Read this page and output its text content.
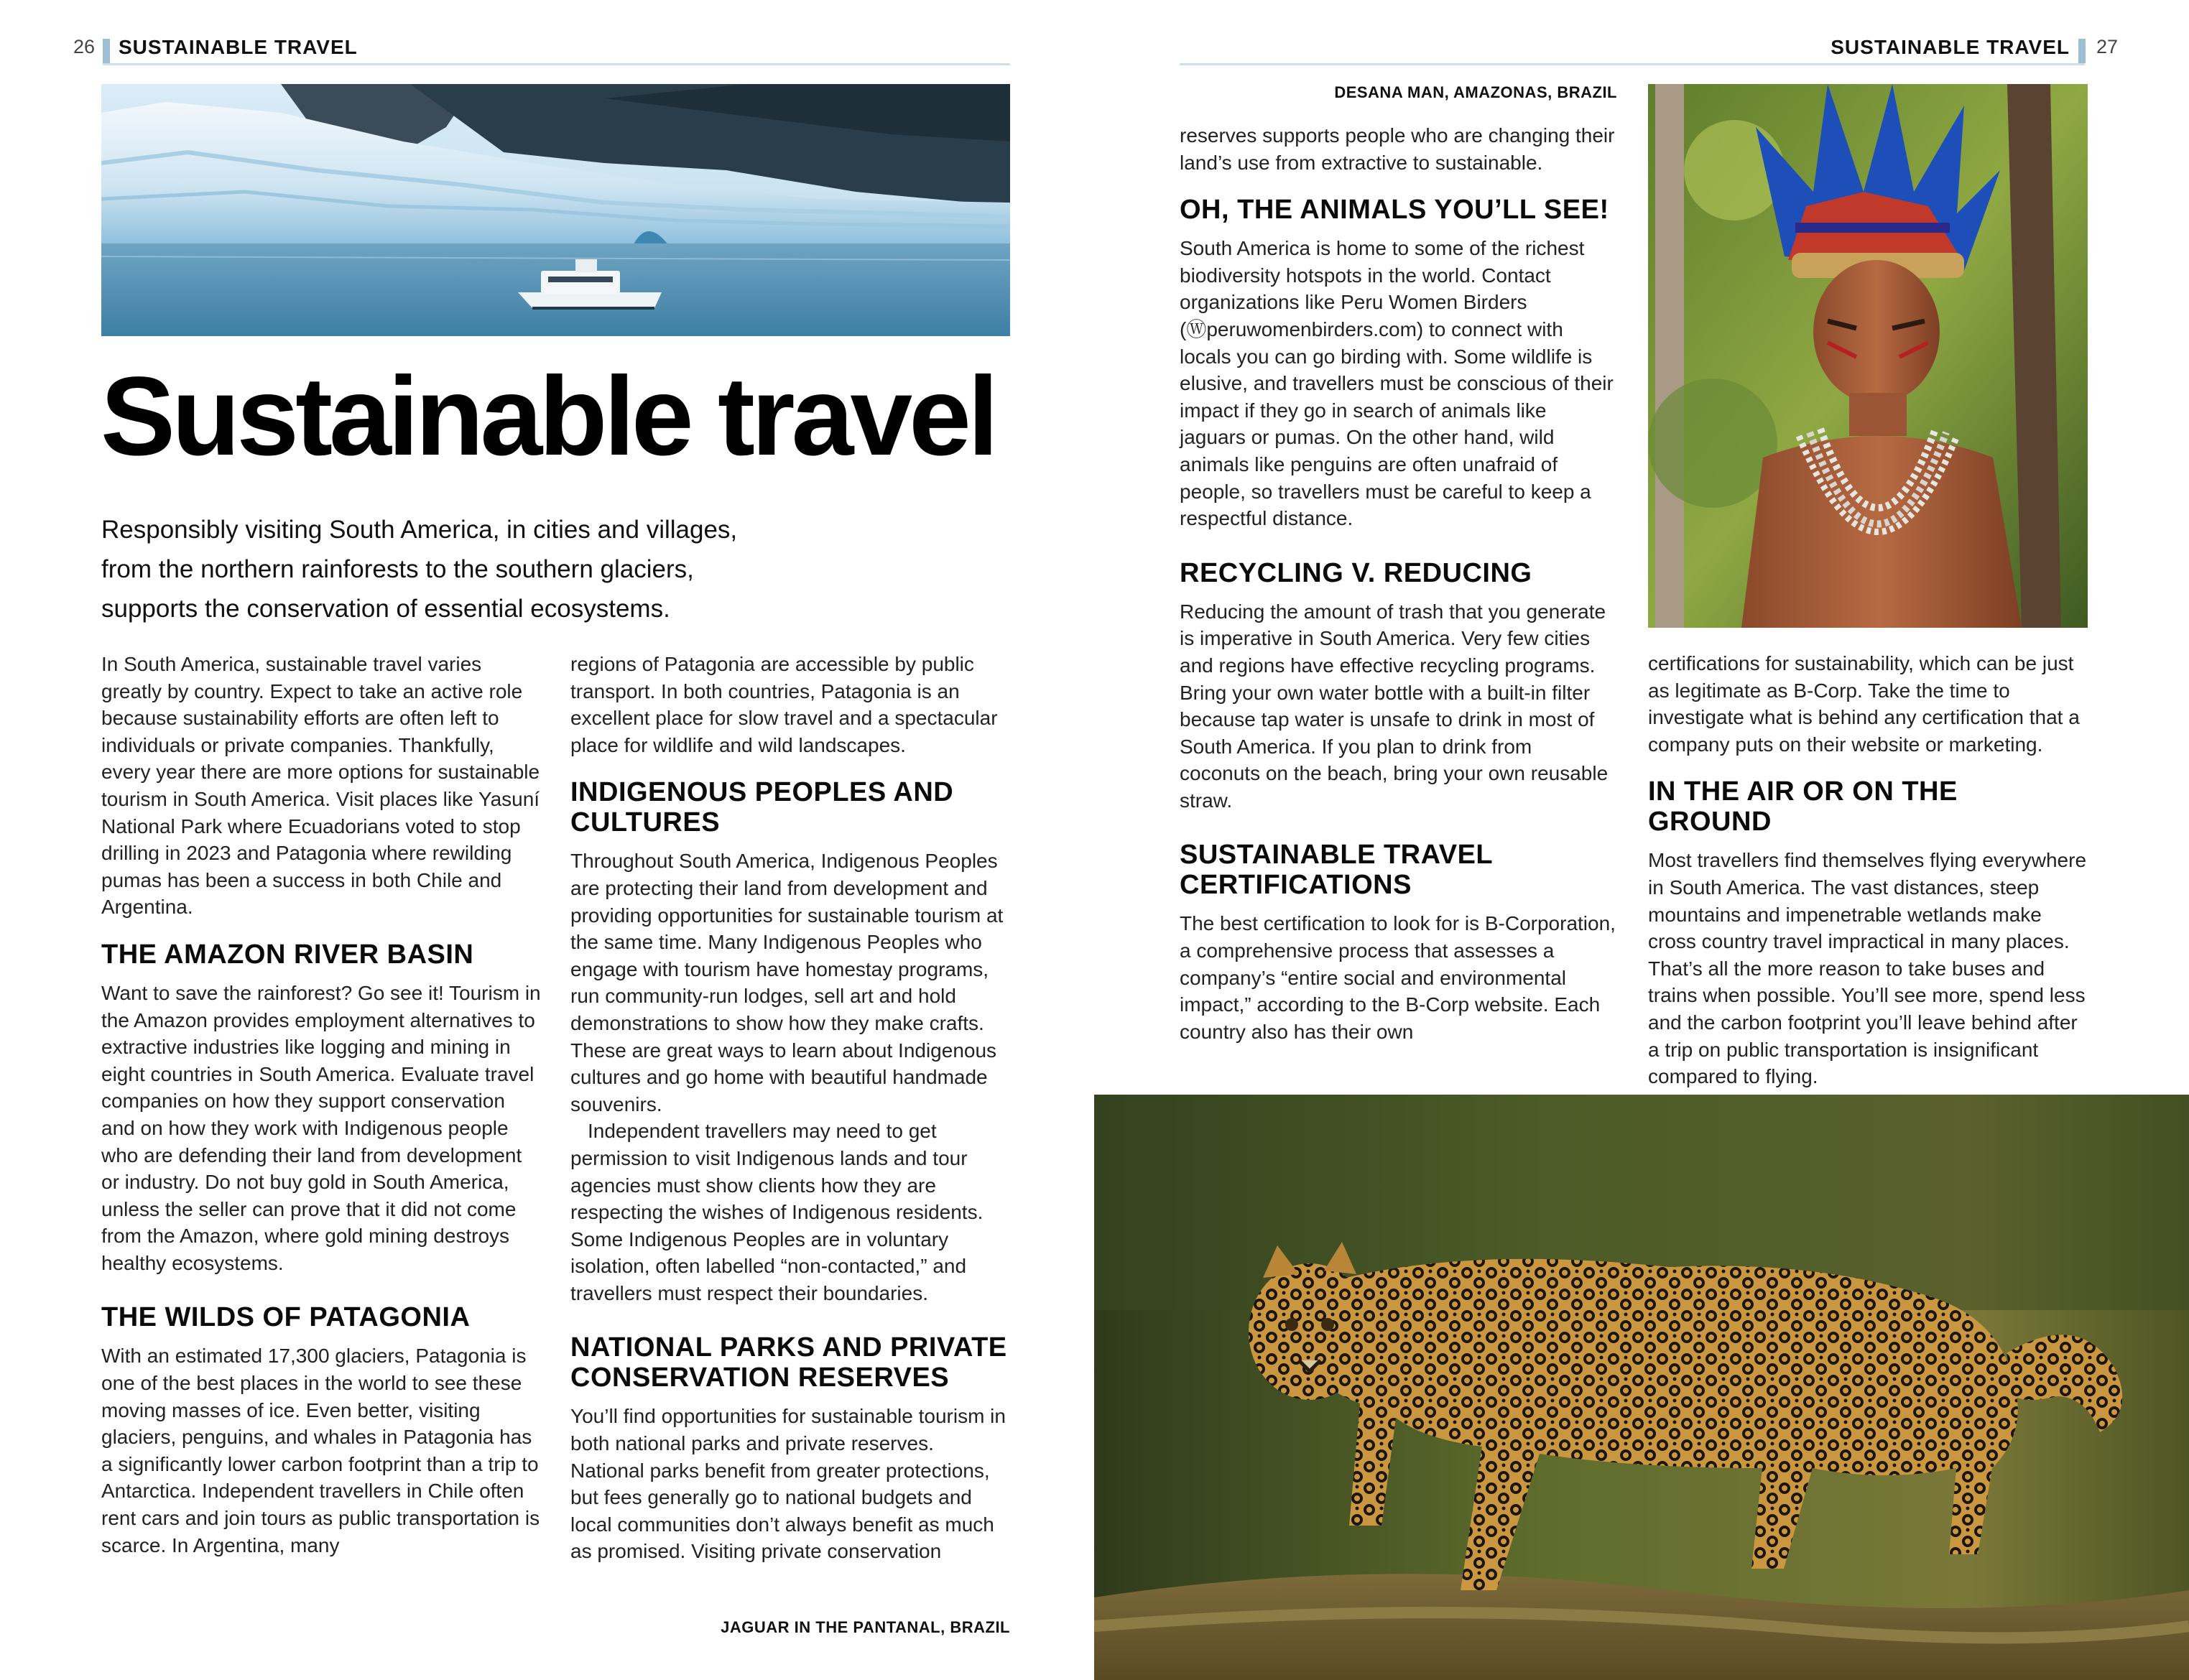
26 SUSTAINABLE TRAVEL	SUSTAINABLE TRAVEL 27
Sustainable travel

Responsibly visiting South America, in cities and villages, from the northern rainforests to the southern glaciers, supports the conservation of essential ecosystems.

In South America, sustainable travel varies greatly by country. Expect to take an active role because sustainability efforts are often left to individuals or private companies. Thankfully, every year there are more options for sustainable tourism in South America. Visit places like Yasuní National Park where Ecuadorians voted to stop drilling in 2023 and Patagonia where rewilding pumas has been a success in both Chile and Argentina.

THE AMAZON RIVER BASIN

Want to save the rainforest? Go see it! Tourism in the Amazon provides employment alternatives to extractive industries like logging and mining in eight countries in South America. Evaluate travel companies on how they support conservation and on how they work with Indigenous people who are defending their land from development or industry. Do not buy gold in South America, unless the seller can prove that it did not come from the Amazon, where gold mining destroys healthy ecosystems.

THE WILDS OF PATAGONIA

With an estimated 17,300 glaciers, Patagonia is one of the best places in the world to see these moving masses of ice. Even better, visiting glaciers, penguins, and whales in Patagonia has a significantly lower carbon footprint than a trip to Antarctica. Independent travellers in Chile often rent cars and join tours as public transportation is scarce. In Argentina, many

regions of Patagonia are accessible by public transport. In both countries, Patagonia is an excellent place for slow travel and a spectacular place for wildlife and wild landscapes.

INDIGENOUS PEOPLES AND CULTURES

Throughout South America, Indigenous Peoples are protecting their land from development and providing opportunities for sustainable tourism at the same time. Many Indigenous Peoples who engage with tourism have homestay programs, run community-run lodges, sell art and hold demonstrations to show how they make crafts. These are great ways to learn about Indigenous cultures and go home with beautiful handmade souvenirs.

Independent travellers may need to get permission to visit Indigenous lands and tour agencies must show clients how they are respecting the wishes of Indigenous residents. Some Indigenous Peoples are in voluntary isolation, often labelled “non-contacted,” and travellers must respect their boundaries.

NATIONAL PARKS AND PRIVATE CONSERVATION RESERVES

You’ll find opportunities for sustainable tourism in both national parks and private reserves. National parks benefit from greater protections, but fees generally go to national budgets and local communities don’t always benefit as much as promised. Visiting private conservation

JAGUAR IN THE PANTANAL, BRAZIL
DESANA MAN, AMAZONAS, BRAZIL

reserves supports people who are changing their land’s use from extractive to sustainable.

OH, THE ANIMALS YOU’LL SEE!

South America is home to some of the richest biodiversity hotspots in the world. Contact organizations like Peru Women Birders (Ⓦperuwomenbirders.com) to connect with locals you can go birding with. Some wildlife is elusive, and travellers must be conscious of their impact if they go in search of animals like jaguars or pumas. On the other hand, wild animals like penguins are often unafraid of people, so travellers must be careful to keep a respectful distance.

RECYCLING V. REDUCING

Reducing the amount of trash that you generate is imperative in South America. Very few cities and regions have effective recycling programs. Bring your own water bottle with a built-in filter because tap water is unsafe to drink in most of South America. If you plan to drink from coconuts on the beach, bring your own reusable straw.

SUSTAINABLE TRAVEL CERTIFICATIONS

The best certification to look for is B-Corporation, a comprehensive process that assesses a company’s “entire social and environmental impact,” according to the B-Corp website. Each country also has their own

certifications for sustainability, which can be just as legitimate as B-Corp. Take the time to investigate what is behind any certification that a company puts on their website or marketing.

IN THE AIR OR ON THE GROUND

Most travellers find themselves flying everywhere in South America. The vast distances, steep mountains and impenetrable wetlands make cross country travel impractical in many places. That’s all the more reason to take buses and trains when possible. You’ll see more, spend less and the carbon footprint you’ll leave behind after a trip on public transportation is insignificant compared to flying.
